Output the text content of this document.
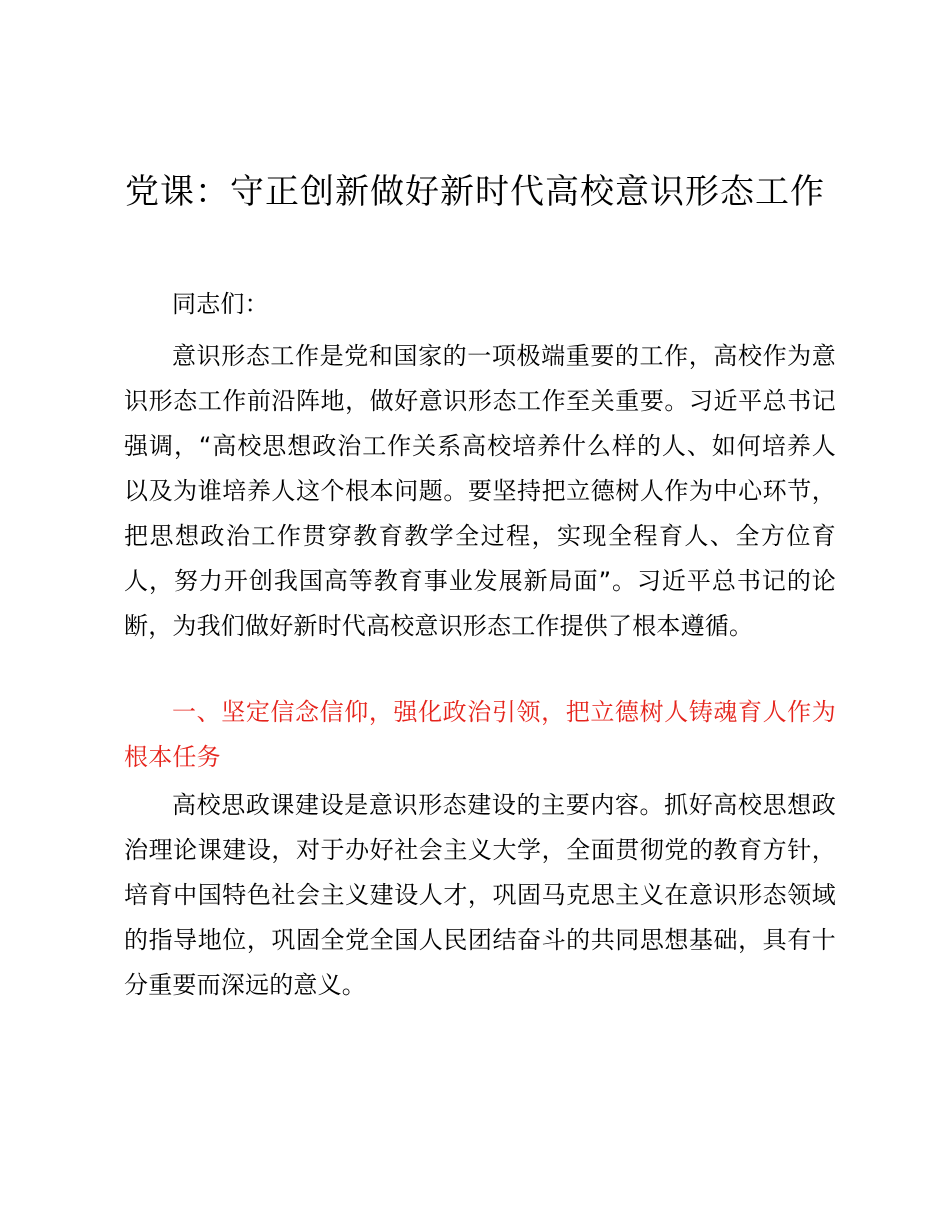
党课：守正创新做好新时代高校意识形态工作

同志们：

意识形态工作是党和国家的一项极端重要的工作，高校作为意识形态工作前沿阵地，做好意识形态工作至关重要。习近平总书记强调，“高校思想政治工作关系高校培养什么样的人、如何培养人以及为谁培养人这个根本问题。要坚持把立德树人作为中心环节，把思想政治工作贯穿教育教学全过程，实现全程育人、全方位育人，努力开创我国高等教育事业发展新局面”。习近平总书记的论断，为我们做好新时代高校意识形态工作提供了根本遵循。

一、坚定信念信仰，强化政治引领，把立德树人铸魂育人作为根本任务

高校思政课建设是意识形态建设的主要内容。抓好高校思想政治理论课建设，对于办好社会主义大学，全面贯彻党的教育方针，培育中国特色社会主义建设人才，巩固马克思主义在意识形态领域的指导地位，巩固全党全国人民团结奋斗的共同思想基础，具有十分重要而深远的意义。
